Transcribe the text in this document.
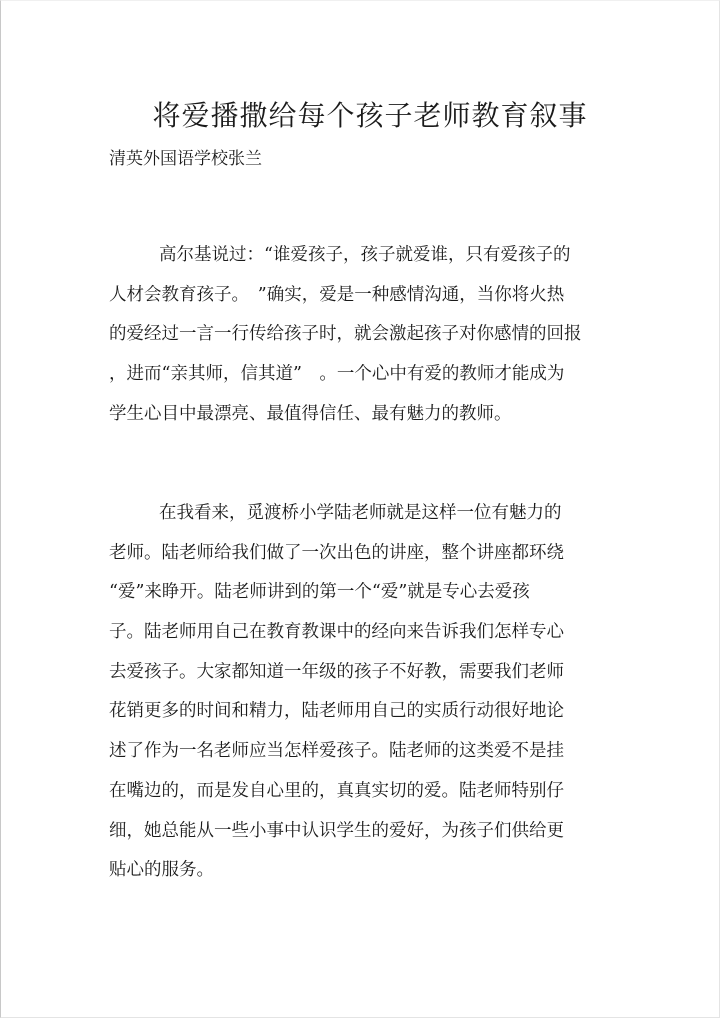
将爱播撒给每个孩子老师教育叙事
清英外国语学校张兰
高尔基说过：“谁爱孩子，孩子就爱谁，只有爱孩子的
人材会教育孩子。　”确实，爱是一种感情沟通，当你将火热
的爱经过一言一行传给孩子时，就会激起孩子对你感情的回报
，进而“亲其师，信其道”　。一个心中有爱的教师才能成为
学生心目中最漂亮、最值得信任、最有魅力的教师。
在我看来，觅渡桥小学陆老师就是这样一位有魅力的
老师。陆老师给我们做了一次出色的讲座，整个讲座都环绕
“爱”来睁开。陆老师讲到的第一个“爱”就是专心去爱孩
子。陆老师用自己在教育教课中的经向来告诉我们怎样专心
去爱孩子。大家都知道一年级的孩子不好教，需要我们老师
花销更多的时间和精力，陆老师用自己的实质行动很好地论
述了作为一名老师应当怎样爱孩子。陆老师的这类爱不是挂
在嘴边的，而是发自心里的，真真实切的爱。陆老师特别仔
细，她总能从一些小事中认识学生的爱好，为孩子们供给更
贴心的服务。
